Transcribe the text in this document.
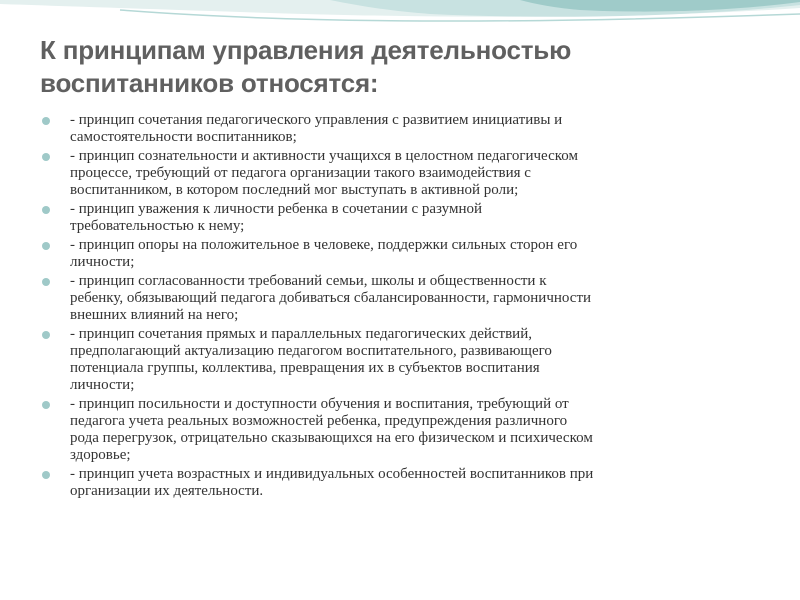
К принципам управления деятельностью воспитанников относятся:
- принцип сочетания педагогического управления с развитием инициативы и
самостоятельности воспитанников;
- принцип сознательности и активности учащихся в целостном педагогическом
процессе, требующий от педагога организации такого взаимодействия с
воспитанником, в котором последний мог выступать в активной роли;
- принцип уважения к личности ребенка в сочетании с разумной
требовательностью к нему;
- принцип опоры на положительное в человеке, поддержки сильных сторон его
личности;
- принцип согласованности требований семьи, школы и общественности к
ребенку, обязывающий педагога добиваться сбалансированности, гармоничности
внешних влияний на него;
- принцип сочетания прямых и параллельных педагогических действий,
предполагающий актуализацию педагогом воспитательного, развивающего
потенциала группы, коллектива, превращения их в субъектов воспитания
личности;
- принцип посильности и доступности обучения и воспитания, требующий от
педагога учета реальных возможностей ребенка, предупреждения различного
рода перегрузок, отрицательно сказывающихся на его физическом и психическом
здоровье;
- принцип учета возрастных и индивидуальных особенностей воспитанников при
организации их деятельности.
